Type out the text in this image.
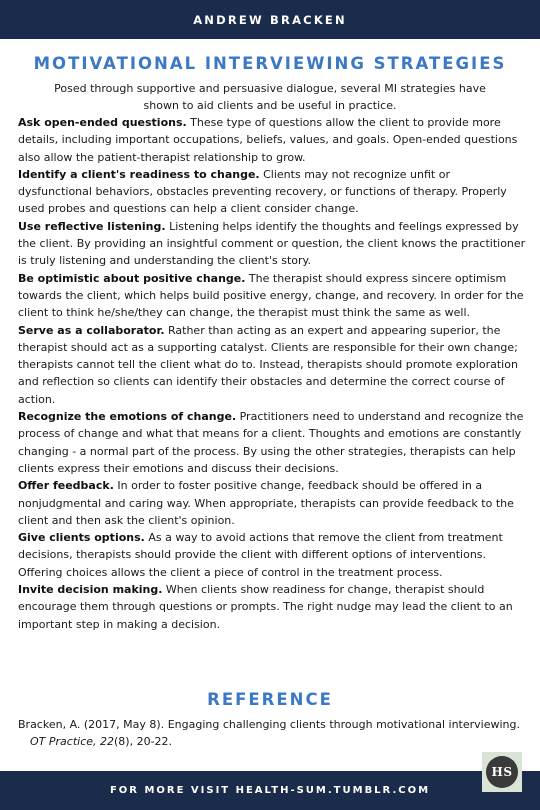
ANDREW BRACKEN
MOTIVATIONAL INTERVIEWING STRATEGIES
Posed through supportive and persuasive dialogue, several MI strategies have shown to aid clients and be useful in practice.

Ask open-ended questions. These type of questions allow the client to provide more details, including important occupations, beliefs, values, and goals. Open-ended questions also allow the patient-therapist relationship to grow.

Identify a client's readiness to change. Clients may not recognize unfit or dysfunctional behaviors, obstacles preventing recovery, or functions of therapy. Properly used probes and questions can help a client consider change.

Use reflective listening. Listening helps identify the thoughts and feelings expressed by the client. By providing an insightful comment or question, the client knows the practitioner is truly listening and understanding the client's story.

Be optimistic about positive change. The therapist should express sincere optimism towards the client, which helps build positive energy, change, and recovery. In order for the client to think he/she/they can change, the therapist must think the same as well.

Serve as a collaborator. Rather than acting as an expert and appearing superior, the therapist should act as a supporting catalyst. Clients are responsible for their own change; therapists cannot tell the client what do to. Instead, therapists should promote exploration and reflection so clients can identify their obstacles and determine the correct course of action.

Recognize the emotions of change. Practitioners need to understand and recognize the process of change and what that means for a client. Thoughts and emotions are constantly changing - a normal part of the process. By using the other strategies, therapists can help clients express their emotions and discuss their decisions.

Offer feedback. In order to foster positive change, feedback should be offered in a nonjudgmental and caring way. When appropriate, therapists can provide feedback to the client and then ask the client's opinion.

Give clients options. As a way to avoid actions that remove the client from treatment decisions, therapists should provide the client with different options of interventions. Offering choices allows the client a piece of control in the treatment process.

Invite decision making. When clients show readiness for change, therapist should encourage them through questions or prompts. The right nudge may lead the client to an important step in making a decision.

REFERENCE
Bracken, A. (2017, May 8). Engaging challenging clients through motivational interviewing.
OT Practice, 22(8), 20-22.
FOR MORE VISIT HEALTH-SUM.TUMBLR.COM
HS
